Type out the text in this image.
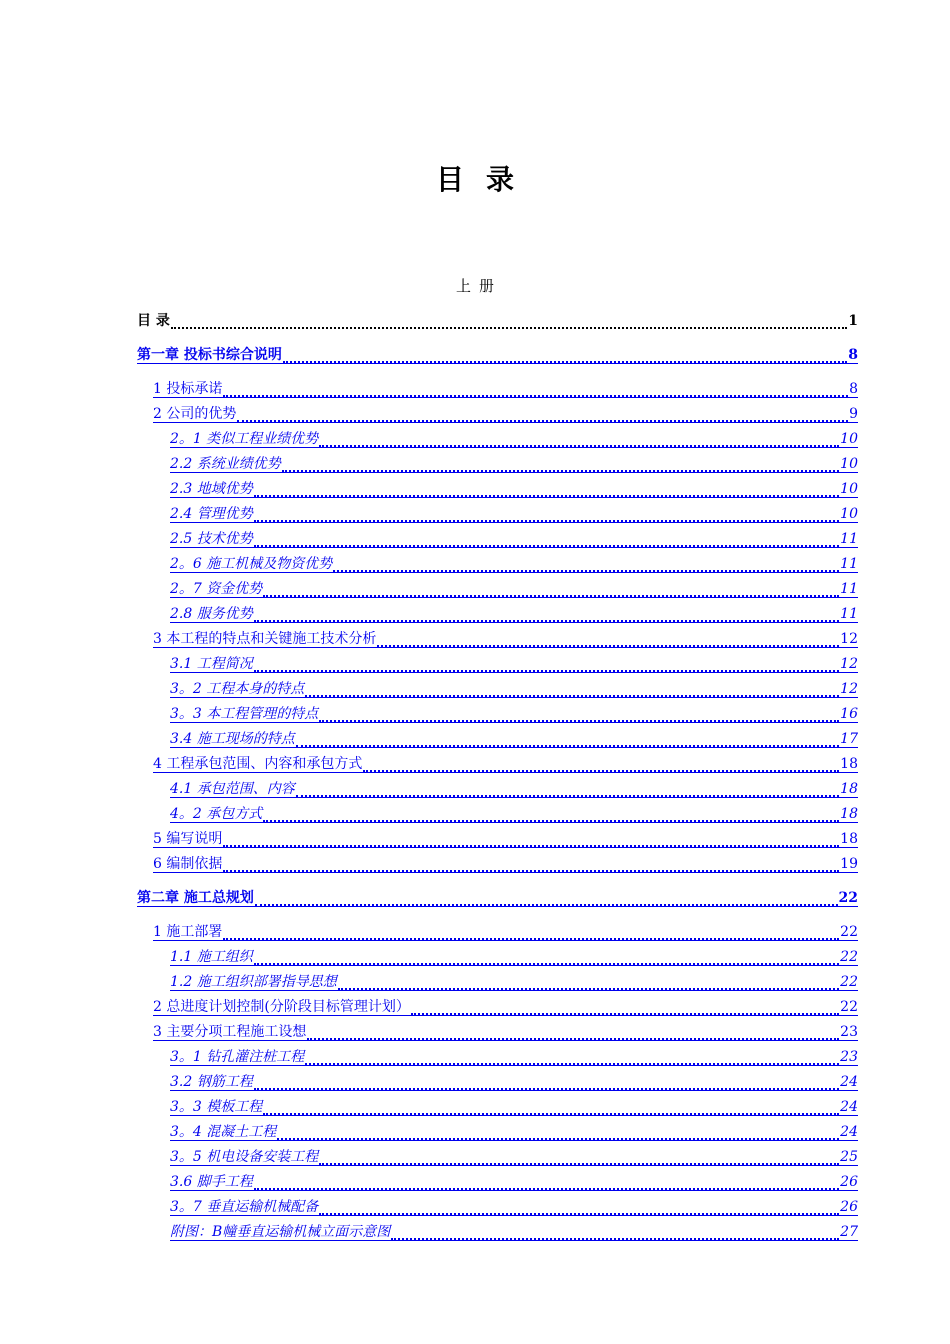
目录
上册
目 录	1
第一章 投标书综合说明	8
1 投标承诺	8
2 公司的优势	9
2。1 类似工程业绩优势	10
2.2 系统业绩优势	10
2.3 地域优势	10
2.4 管理优势	10
2.5 技术优势	11
2。6 施工机械及物资优势	11
2。7 资金优势	11
2.8 服务优势	11
3 本工程的特点和关键施工技术分析	12
3.1 工程简况	12
3。2 工程本身的特点	12
3。3 本工程管理的特点	16
3.4 施工现场的特点	17
4 工程承包范围、内容和承包方式	18
4.1 承包范围、内容	18
4。2 承包方式	18
5 编写说明	18
6 编制依据	19
第二章 施工总规划	22
1 施工部署	22
1.1 施工组织	22
1.2 施工组织部署指导思想	22
2 总进度计划控制(分阶段目标管理计划）	22
3 主要分项工程施工设想	23
3。1 钻孔灌注桩工程	23
3.2 钢筋工程	24
3。3 模板工程	24
3。4 混凝土工程	24
3。5 机电设备安装工程	25
3.6 脚手工程	26
3。7 垂直运输机械配备	26
附图：B幢垂直运输机械立面示意图	27
